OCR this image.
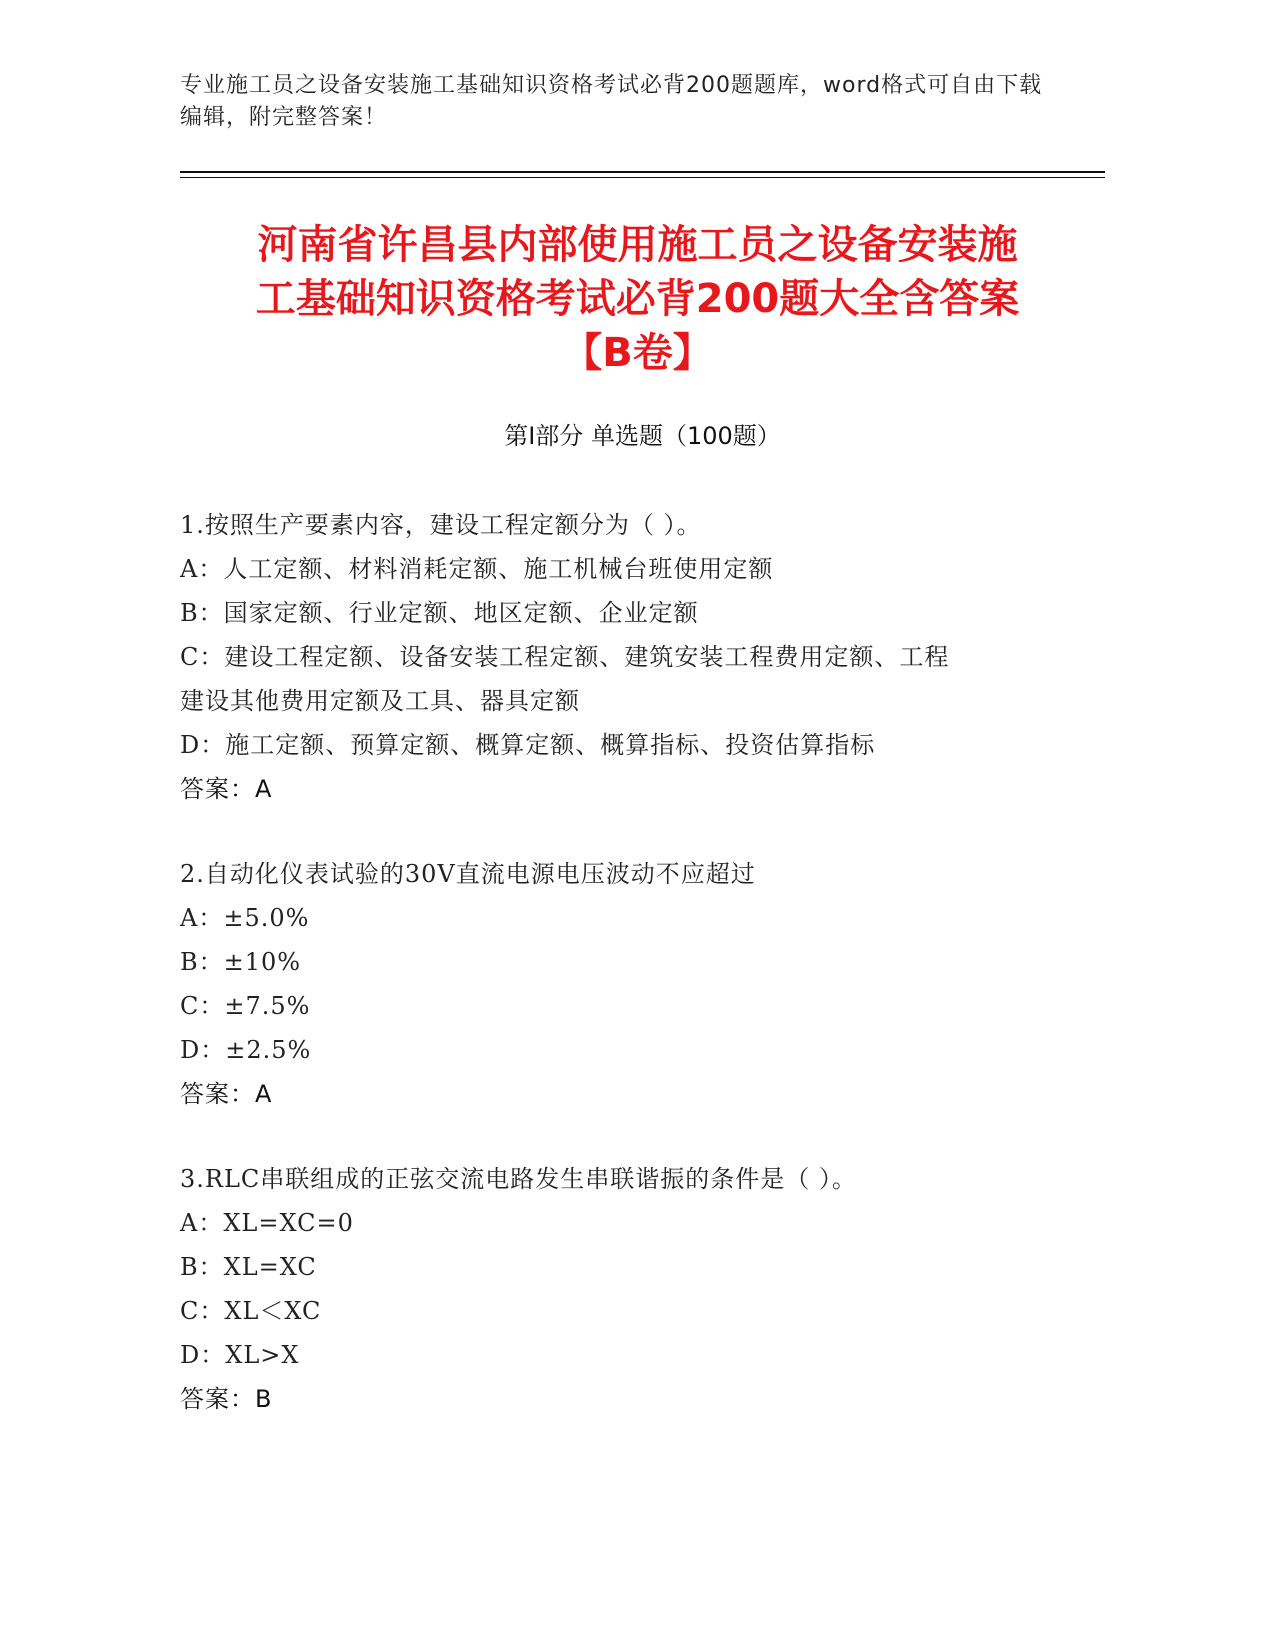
专业施工员之设备安装施工基础知识资格考试必背200题题库，word格式可自由下载编辑，附完整答案！
河南省许昌县内部使用施工员之设备安装施
工基础知识资格考试必背200题大全含答案
【B卷】
第Ⅰ部分 单选题（100题）
1.按照生产要素内容，建设工程定额分为（ ）。
A：人工定额、材料消耗定额、施工机械台班使用定额
B：国家定额、行业定额、地区定额、企业定额
C：建设工程定额、设备安装工程定额、建筑安装工程费用定额、工程
建设其他费用定额及工具、器具定额
D：施工定额、预算定额、概算定额、概算指标、投资估算指标
答案：A
2.自动化仪表试验的30V直流电源电压波动不应超过
A：±5.0%
B：±10%
C：±7.5%
D：±2.5%
答案：A
3.RLC串联组成的正弦交流电路发生串联谐振的条件是（ ）。
A：XL=XC=0
B：XL=XC
C：XL＜XC
D：XL>X
答案：B
